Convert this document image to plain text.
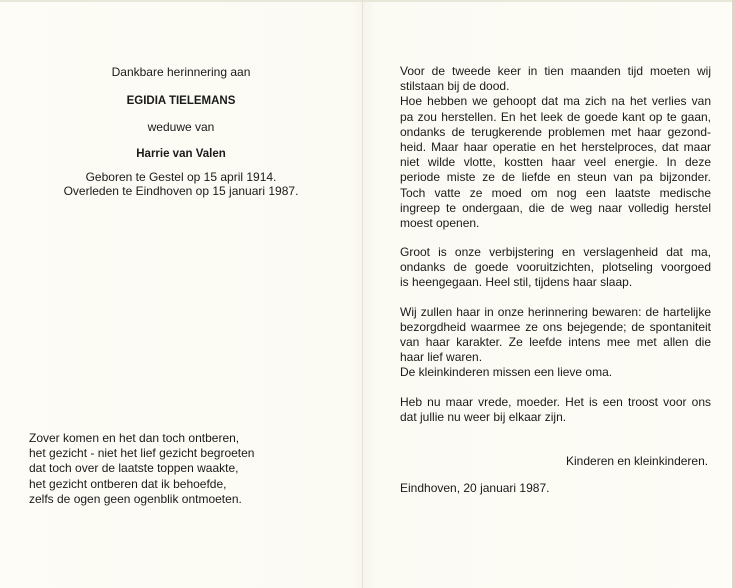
Dankbare herinnering aan
EGIDIA TIELEMANS
weduwe van
Harrie van Valen
Geboren te Gestel op 15 april 1914.
Overleden te Eindhoven op 15 januari 1987.
Zover komen en het dan toch ontberen,
het gezicht - niet het lief gezicht begroeten
dat toch over de laatste toppen waakte,
het gezicht ontberen dat ik behoefde,
zelfs de ogen geen ogenblik ontmoeten.
Voor de tweede keer in tien maanden tijd moeten wij
stilstaan bij de dood.
Hoe hebben we gehoopt dat ma zich na het verlies van
pa zou herstellen. En het leek de goede kant op te gaan,
ondanks de terugkerende problemen met haar gezond-
heid. Maar haar operatie en het herstelproces, dat maar
niet wilde vlotte, kostten haar veel energie. In deze
periode miste ze de liefde en steun van pa bijzonder.
Toch vatte ze moed om nog een laatste medische
ingreep te ondergaan, die de weg naar volledig herstel
moest openen.
Groot is onze verbijstering en verslagenheid dat ma,
ondanks de goede vooruitzichten, plotseling voorgoed
is heengegaan. Heel stil, tijdens haar slaap.
Wij zullen haar in onze herinnering bewaren: de hartelijke
bezorgdheid waarmee ze ons bejegende; de spontaniteit
van haar karakter. Ze leefde intens mee met allen die
haar lief waren.
De kleinkinderen missen een lieve oma.
Heb nu maar vrede, moeder. Het is een troost voor ons
dat jullie nu weer bij elkaar zijn.
Kinderen en kleinkinderen.
Eindhoven, 20 januari 1987.
